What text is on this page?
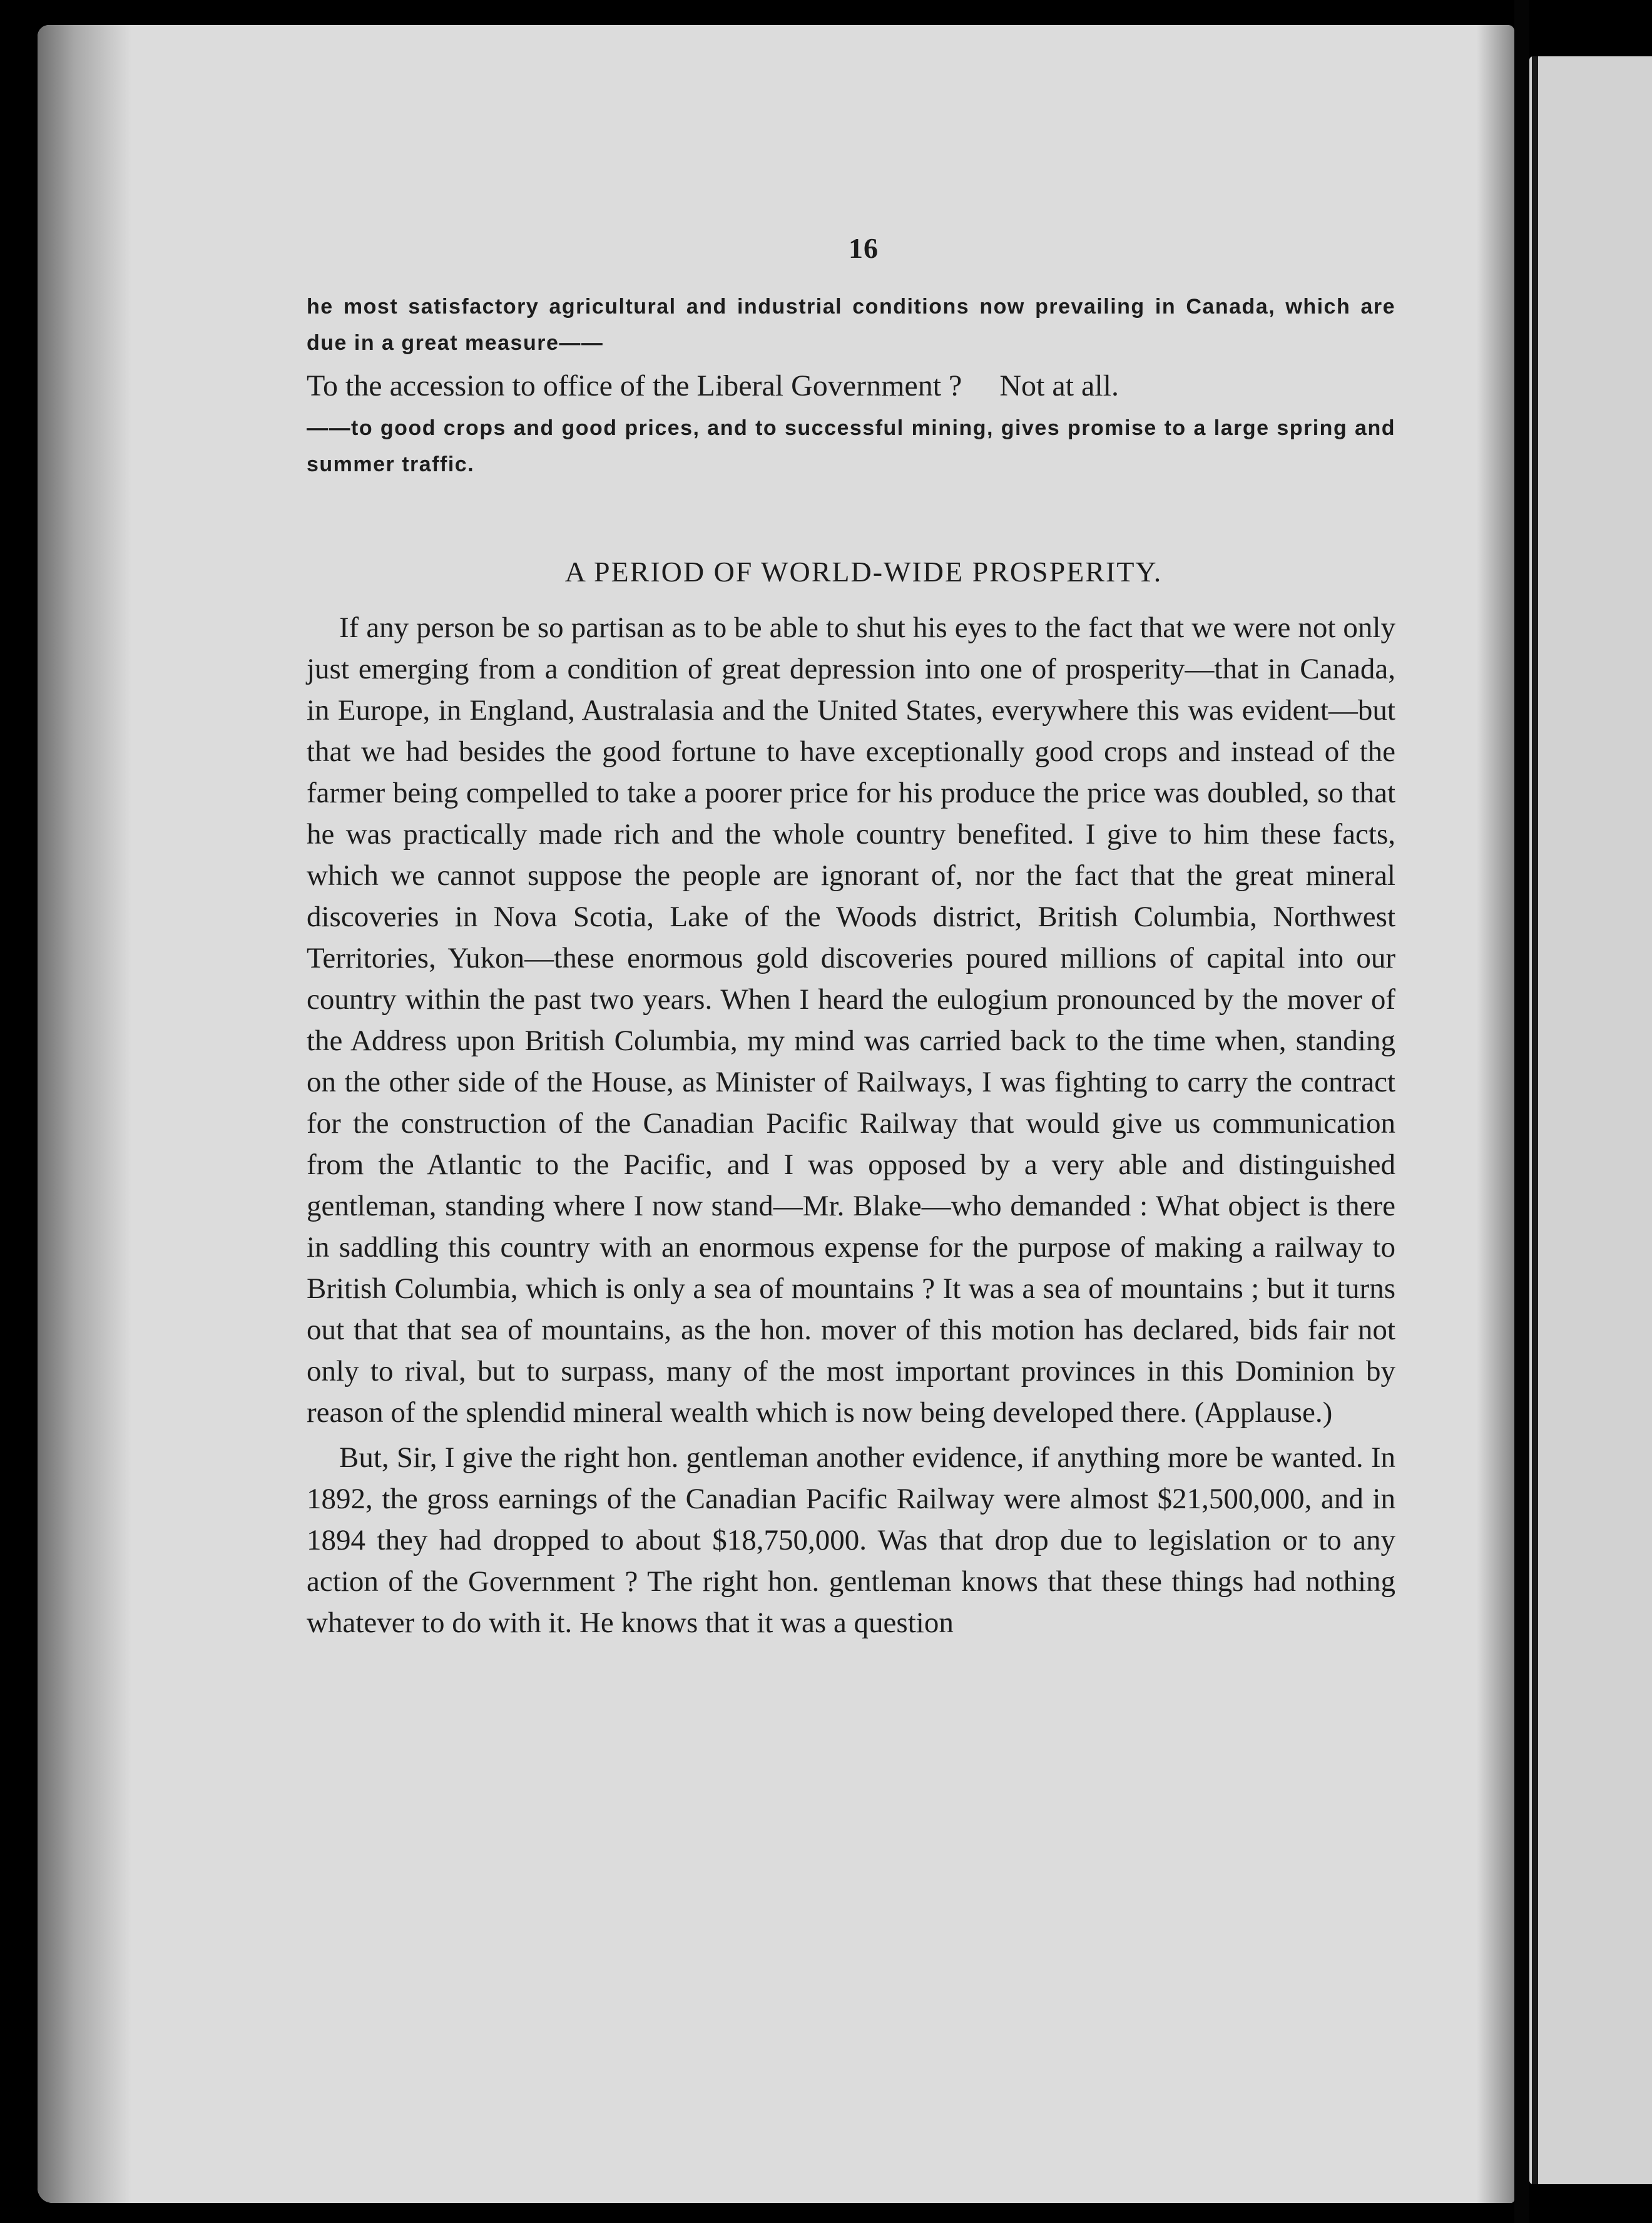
16

he most satisfactory agricultural and industrial conditions now prevailing in Canada, which are due in a great measure——

To the accession to office of the Liberal Government ? Not at all.

——to good crops and good prices, and to successful mining, gives promise to a large spring and summer traffic.

A PERIOD OF WORLD-WIDE PROSPERITY.

If any person be so partisan as to be able to shut his eyes to the fact that we were not only just emerging from a condition of great depression into one of prosperity—that in Canada, in Europe, in England, Australasia and the United States, everywhere this was evident—but that we had besides the good fortune to have exceptionally good crops and instead of the farmer being compelled to take a poorer price for his produce the price was doubled, so that he was practically made rich and the whole country benefited. I give to him these facts, which we cannot suppose the people are ignorant of, nor the fact that the great mineral discoveries in Nova Scotia, Lake of the Woods district, British Columbia, Northwest Territories, Yukon—these enormous gold discoveries poured millions of capital into our country within the past two years. When I heard the eulogium pronounced by the mover of the Address upon British Columbia, my mind was carried back to the time when, standing on the other side of the House, as Minister of Railways, I was fighting to carry the contract for the construction of the Canadian Pacific Railway that would give us communication from the Atlantic to the Pacific, and I was opposed by a very able and distinguished gentleman, standing where I now stand—Mr. Blake—who demanded : What object is there in saddling this country with an enormous expense for the purpose of making a railway to British Columbia, which is only a sea of mountains ? It was a sea of mountains ; but it turns out that that sea of mountains, as the hon. mover of this motion has declared, bids fair not only to rival, but to surpass, many of the most important provinces in this Dominion by reason of the splendid mineral wealth which is now being developed there. (Applause.)

But, Sir, I give the right hon. gentleman another evidence, if anything more be wanted. In 1892, the gross earnings of the Canadian Pacific Railway were almost $21,500,000, and in 1894 they had dropped to about $18,750,000. Was that drop due to legislation or to any action of the Government ? The right hon. gentleman knows that these things had nothing whatever to do with it. He knows that it was a question
